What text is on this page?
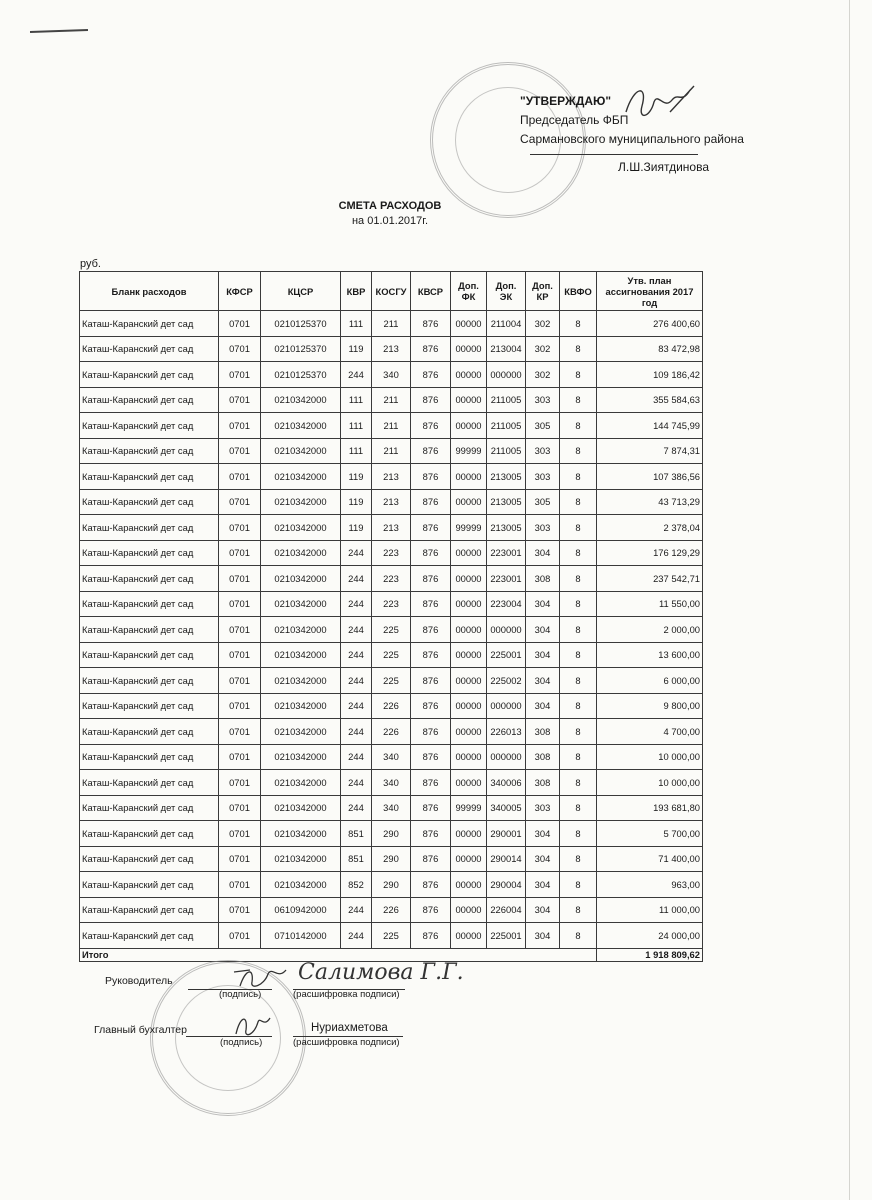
"УТВЕРЖДАЮ"
Председатель ФБП
Сармановского муниципального района
Л.Ш.Зиятдинова
СМЕТА РАСХОДОВ
на 01.01.2017г.
руб.
Бланк расходов	КФСР	КЦСР	КВР	КОСГУ	КВСР	Доп. ФК	Доп. ЭК	Доп. КР	КВФО	Утв. план ассигнования 2017 год
Каташ-Каранский дет сад	0701	0210125370	111	211	876	00000	211004	302	8	276 400,60
Каташ-Каранский дет сад	0701	0210125370	119	213	876	00000	213004	302	8	83 472,98
Каташ-Каранский дет сад	0701	0210125370	244	340	876	00000	000000	302	8	109 186,42
Каташ-Каранский дет сад	0701	0210342000	111	211	876	00000	211005	303	8	355 584,63
Каташ-Каранский дет сад	0701	0210342000	111	211	876	00000	211005	305	8	144 745,99
Каташ-Каранский дет сад	0701	0210342000	111	211	876	99999	211005	303	8	7 874,31
Каташ-Каранский дет сад	0701	0210342000	119	213	876	00000	213005	303	8	107 386,56
Каташ-Каранский дет сад	0701	0210342000	119	213	876	00000	213005	305	8	43 713,29
Каташ-Каранский дет сад	0701	0210342000	119	213	876	99999	213005	303	8	2 378,04
Каташ-Каранский дет сад	0701	0210342000	244	223	876	00000	223001	304	8	176 129,29
Каташ-Каранский дет сад	0701	0210342000	244	223	876	00000	223001	308	8	237 542,71
Каташ-Каранский дет сад	0701	0210342000	244	223	876	00000	223004	304	8	11 550,00
Каташ-Каранский дет сад	0701	0210342000	244	225	876	00000	000000	304	8	2 000,00
Каташ-Каранский дет сад	0701	0210342000	244	225	876	00000	225001	304	8	13 600,00
Каташ-Каранский дет сад	0701	0210342000	244	225	876	00000	225002	304	8	6 000,00
Каташ-Каранский дет сад	0701	0210342000	244	226	876	00000	000000	304	8	9 800,00
Каташ-Каранский дет сад	0701	0210342000	244	226	876	00000	226013	308	8	4 700,00
Каташ-Каранский дет сад	0701	0210342000	244	340	876	00000	000000	308	8	10 000,00
Каташ-Каранский дет сад	0701	0210342000	244	340	876	00000	340006	308	8	10 000,00
Каташ-Каранский дет сад	0701	0210342000	244	340	876	99999	340005	303	8	193 681,80
Каташ-Каранский дет сад	0701	0210342000	851	290	876	00000	290001	304	8	5 700,00
Каташ-Каранский дет сад	0701	0210342000	851	290	876	00000	290014	304	8	71 400,00
Каташ-Каранский дет сад	0701	0210342000	852	290	876	00000	290004	304	8	963,00
Каташ-Каранский дет сад	0701	0610942000	244	226	876	00000	226004	304	8	11 000,00
Каташ-Каранский дет сад	0701	0710142000	244	225	876	00000	225001	304	8	24 000,00
Итого										1 918 809,62
Руководитель	Салимова Г.Г.
(подпись)	(расшифровка подписи)
Главный бухгалтер	Нуриахметова
(подпись)	(расшифровка подписи)
